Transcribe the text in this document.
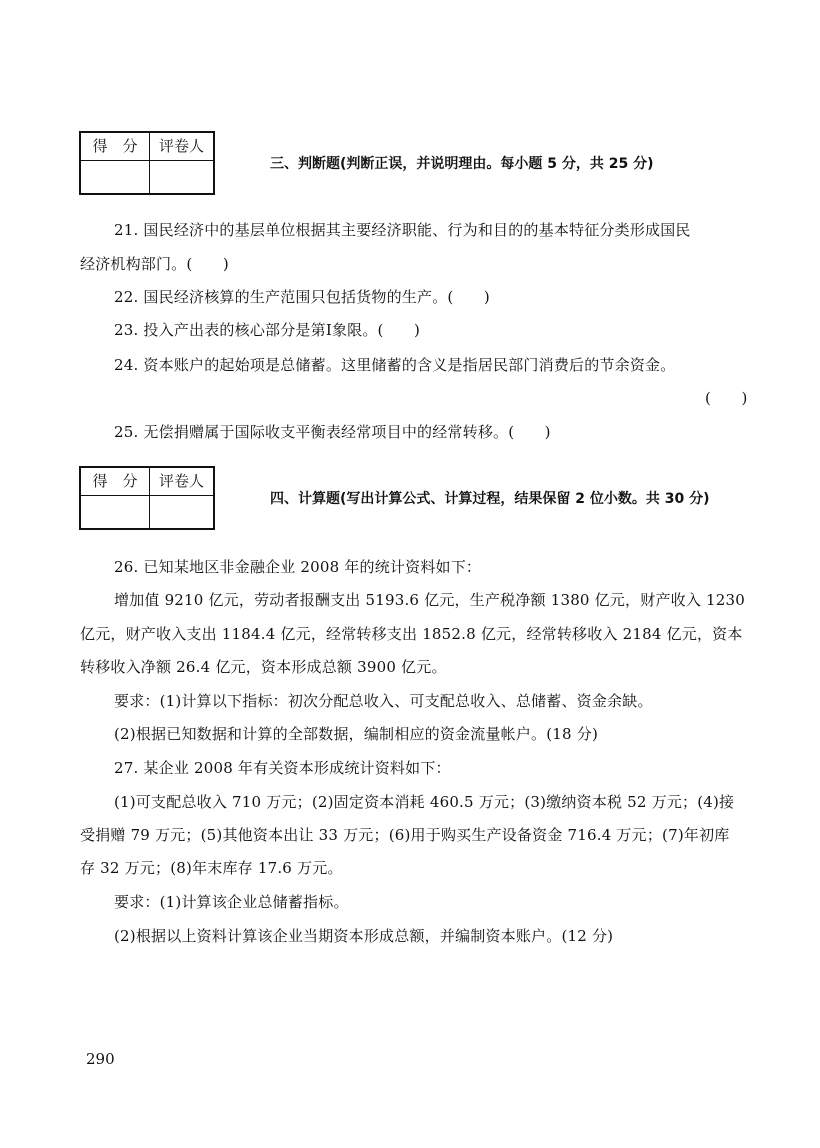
得　分	评卷人
三、判断题(判断正误，并说明理由。每小题 5 分，共 25 分)
21. 国民经济中的基层单位根据其主要经济职能、行为和目的的基本特征分类形成国民
经济机构部门。(　　)
22. 国民经济核算的生产范围只包括货物的生产。(　　)
23. 投入产出表的核心部分是第Ⅰ象限。(　　)
24. 资本账户的起始项是总储蓄。这里储蓄的含义是指居民部门消费后的节余资金。
(　　)
25. 无偿捐赠属于国际收支平衡表经常项目中的经常转移。(　　)
得　分	评卷人
四、计算题(写出计算公式、计算过程，结果保留 2 位小数。共 30 分)
26. 已知某地区非金融企业 2008 年的统计资料如下：
增加值 9210 亿元，劳动者报酬支出 5193.6 亿元，生产税净额 1380 亿元，财产收入 1230
亿元，财产收入支出 1184.4 亿元，经常转移支出 1852.8 亿元，经常转移收入 2184 亿元，资本
转移收入净额 26.4 亿元，资本形成总额 3900 亿元。
要求：(1)计算以下指标：初次分配总收入、可支配总收入、总储蓄、资金余缺。
(2)根据已知数据和计算的全部数据，编制相应的资金流量帐户。(18 分)
27. 某企业 2008 年有关资本形成统计资料如下：
(1)可支配总收入 710 万元；(2)固定资本消耗 460.5 万元；(3)缴纳资本税 52 万元；(4)接
受捐赠 79 万元；(5)其他资本出让 33 万元；(6)用于购买生产设备资金 716.4 万元；(7)年初库
存 32 万元；(8)年末库存 17.6 万元。
要求：(1)计算该企业总储蓄指标。
(2)根据以上资料计算该企业当期资本形成总额，并编制资本账户。(12 分)
290
